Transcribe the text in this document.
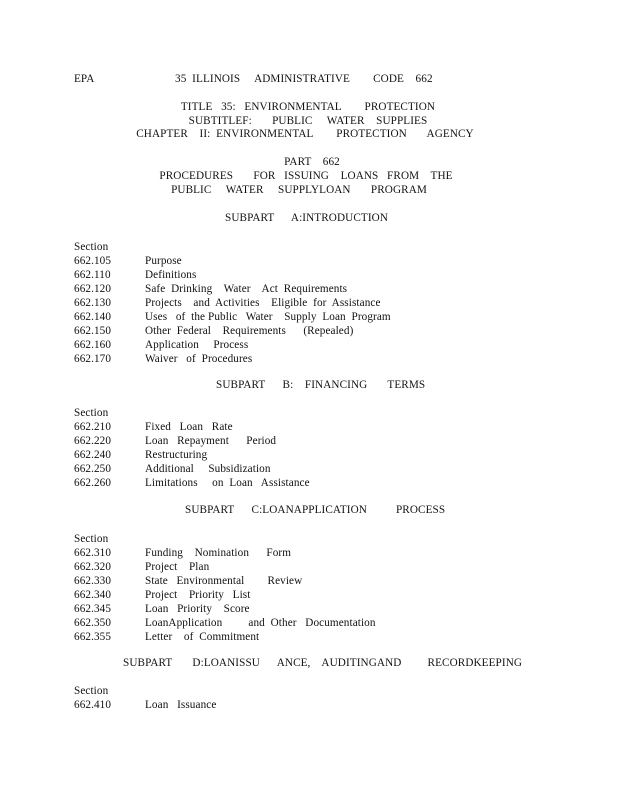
EPA	35  ILLINOIS     ADMINISTRATIVE        CODE    662
TITLE   35:   ENVIRONMENTAL        PROTECTION
SUBTITLEF:       PUBLIC     WATER    SUPPLIES
CHAPTER    II:  ENVIRONMENTAL        PROTECTION       AGENCY
PART    662
PROCEDURES       FOR   ISSUING    LOANS   FROM    THE
PUBLIC     WATER     SUPPLYLOAN       PROGRAM
SUBPART      A:INTRODUCTION
Section
662.105	Purpose
662.110	Definitions
662.120	Safe  Drinking    Water    Act  Requirements
662.130	Projects    and  Activities    Eligible  for  Assistance
662.140	Uses   of  the Public   Water    Supply  Loan  Program
662.150	Other  Federal    Requirements      (Repealed)
662.160	Application     Process
662.170	Waiver   of  Procedures
SUBPART      B:    FINANCING       TERMS
Section
662.210	Fixed   Loan   Rate
662.220	Loan   Repayment      Period
662.240	Restructuring
662.250	Additional     Subsidization
662.260	Limitations     on  Loan   Assistance
SUBPART      C:LOANAPPLICATION          PROCESS
Section
662.310	Funding    Nomination      Form
662.320	Project    Plan
662.330	State   Environmental        Review
662.340	Project    Priority   List
662.345	Loan   Priority    Score
662.350	LoanApplication         and  Other   Documentation
662.355	Letter    of  Commitment
SUBPART       D:LOANISSU      ANCE,    AUDITINGAND         RECORDKEEPING
Section
662.410	Loan   Issuance
